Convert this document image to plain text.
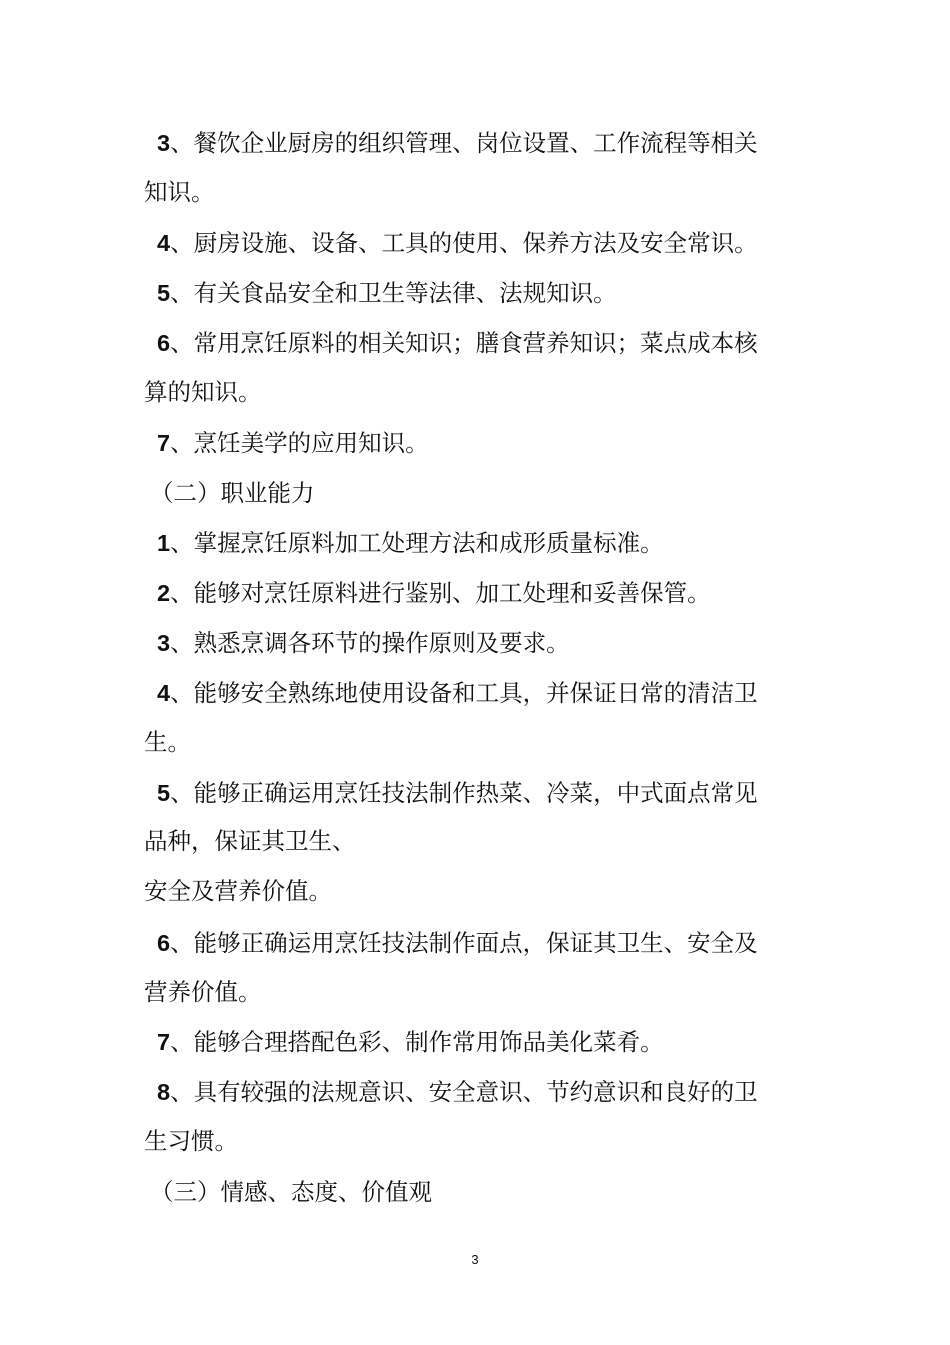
3、餐饮企业厨房的组织管理、岗位设置、工作流程等相关
知识。
4、厨房设施、设备、工具的使用、保养方法及安全常识。
5、有关食品安全和卫生等法律、法规知识。
6、常用烹饪原料的相关知识；膳食营养知识；菜点成本核
算的知识。
7、烹饪美学的应用知识。
（二）职业能力
1、掌握烹饪原料加工处理方法和成形质量标准。
2、能够对烹饪原料进行鉴别、加工处理和妥善保管。
3、熟悉烹调各环节的操作原则及要求。
4、能够安全熟练地使用设备和工具，并保证日常的清洁卫
生。
5、能够正确运用烹饪技法制作热菜、冷菜，中式面点常见
品种，保证其卫生、
安全及营养价值。
6、能够正确运用烹饪技法制作面点，保证其卫生、安全及
营养价值。
7、能够合理搭配色彩、制作常用饰品美化菜肴。
8、具有较强的法规意识、安全意识、节约意识和良好的卫
生习惯。
（三）情感、态度、价值观
3
